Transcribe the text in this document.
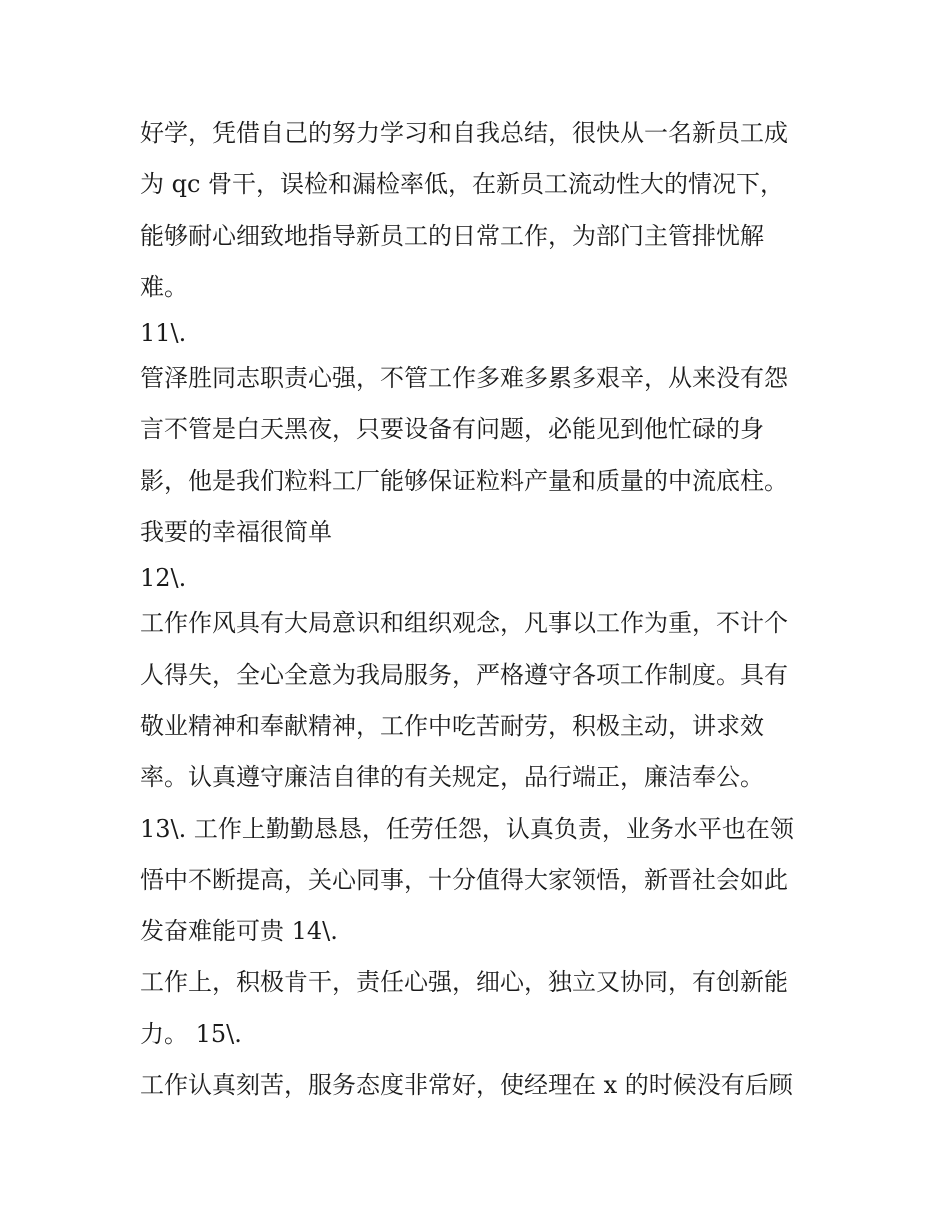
好学，凭借自己的努力学习和自我总结，很快从一名新员工成
为 qc 骨干，误检和漏检率低，在新员工流动性大的情况下，
能够耐心细致地指导新员工的日常工作，为部门主管排忧解
难。
11\.
管泽胜同志职责心强，不管工作多难多累多艰辛，从来没有怨
言不管是白天黑夜，只要设备有问题，必能见到他忙碌的身
影，他是我们粒料工厂能够保证粒料产量和质量的中流底柱。
我要的幸福很简单
12\.
工作作风具有大局意识和组织观念，凡事以工作为重，不计个
人得失，全心全意为我局服务，严格遵守各项工作制度。具有
敬业精神和奉献精神，工作中吃苦耐劳，积极主动，讲求效
率。认真遵守廉洁自律的有关规定，品行端正，廉洁奉公。
13\. 工作上勤勤恳恳，任劳任怨，认真负责，业务水平也在领
悟中不断提高，关心同事，十分值得大家领悟，新晋社会如此
发奋难能可贵 14\.
工作上，积极肯干，责任心强，细心，独立又协同，有创新能
力。 15\.
工作认真刻苦，服务态度非常好，使经理在 x 的时候没有后顾
